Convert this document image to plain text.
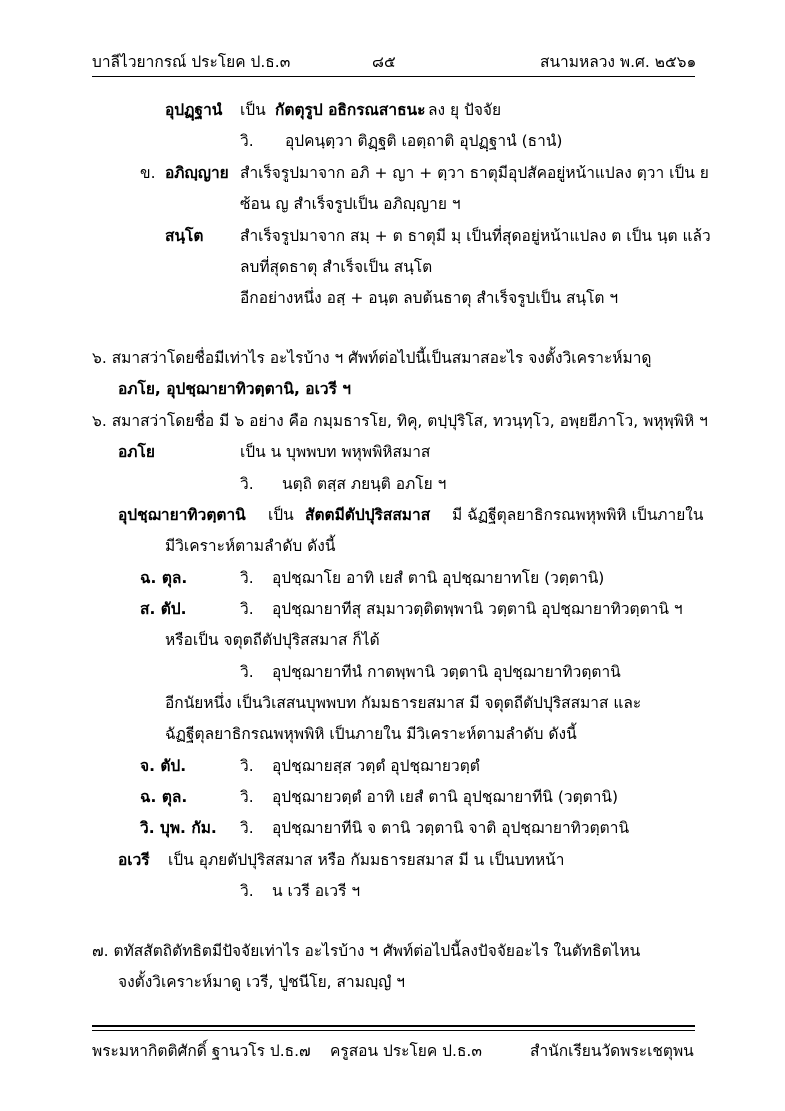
บาลีไวยากรณ์ ประโยค ป.ธ.๓	๘๕	สนามหลวง พ.ศ. ๒๕๖๑
อุปฏฺฐานํ เป็น กัตตุรูป อธิกรณสาธนะ ลง ยุ ปัจจัย
วิ. อุปคนฺตฺวา ติฏฺฐติ เอตฺถาติ อุปฏฺฐานํ (ธานํ)
ข. อภิญฺญาย สำเร็จรูปมาจาก อภิ + ญา + ตฺวา ธาตุมีอุปสัคอยู่หน้าแปลง ตฺวา เป็น ย
ซ้อน ญ สำเร็จรูปเป็น อภิญฺญาย ฯ
สนฺโต สำเร็จรูปมาจาก สมฺ + ต ธาตุมี มฺ เป็นที่สุดอยู่หน้าแปลง ต เป็น นฺต แล้ว
ลบที่สุดธาตุ สำเร็จเป็น สนฺโต
อีกอย่างหนึ่ง อสฺ + อนฺต ลบต้นธาตุ สำเร็จรูปเป็น สนฺโต ฯ
๖. สมาสว่าโดยชื่อมีเท่าไร อะไรบ้าง ฯ ศัพท์ต่อไปนี้เป็นสมาสอะไร จงตั้งวิเคราะห์มาดู
อภโย, อุปชฺฌายาทิวตฺตานิ, อเวรี ฯ
๖. สมาสว่าโดยชื่อ มี ๖ อย่าง คือ กมฺมธารโย, ทิคุ, ตปฺปุริโส, ทวนฺทฺโว, อพฺยยีภาโว, พหุพฺพิหิ ฯ
อภโย	เป็น น บุพพบท พหุพพิหิสมาส
วิ. นตฺถิ ตสฺส ภยนฺติ อภโย ฯ
อุปชฺฌายาทิวตฺตานิ เป็น สัตตมีตัปปุริสสมาส มี ฉัฏฐีตุลยาธิกรณพหุพพิหิ เป็นภายใน
มีวิเคราะห์ตามลำดับ ดังนี้
ฉ. ตุล.	วิ. อุปชฺฌาโย อาทิ เยสํ ตานิ อุปชฺฌายาทโย (วตฺตานิ)
ส. ตัป.	วิ. อุปชฺฌายาทีสุ สมฺมาวตฺติตพฺพานิ วตฺตานิ อุปชฺฌายาทิวตฺตานิ ฯ
หรือเป็น จตุตถีตัปปุริสสมาส ก็ได้
วิ. อุปชฺฌายาทีนํ กาตพฺพานิ วตฺตานิ อุปชฺฌายาทิวตฺตานิ
อีกนัยหนึ่ง เป็นวิเสสนบุพพบท กัมมธารยสมาส มี จตุตถีตัปปุริสสมาส และ
ฉัฏฐีตุลยาธิกรณพหุพพิหิ เป็นภายใน มีวิเคราะห์ตามลำดับ ดังนี้
จ. ตัป.	วิ. อุปชฺฌายสฺส วตฺตํ อุปชฺฌายวตฺตํ
ฉ. ตุล.	วิ. อุปชฺฌายวตฺตํ อาทิ เยสํ ตานิ อุปชฺฌายาทีนิ (วตฺตานิ)
วิ. บุพ. กัม. วิ. อุปชฺฌายาทีนิ จ ตานิ วตฺตานิ จาติ อุปชฺฌายาทิวตฺตานิ
อเวรี เป็น อุภยตัปปุริสสมาส หรือ กัมมธารยสมาส มี น เป็นบทหน้า
วิ. น เวรี อเวรี ฯ
๗. ตทัสสัตถิตัทธิตมีปัจจัยเท่าไร อะไรบ้าง ฯ ศัพท์ต่อไปนี้ลงปัจจัยอะไร ในตัทธิตไหน
จงตั้งวิเคราะห์มาดู เวรี, ปูชนีโย, สามญฺญํ ฯ
พระมหากิตติศักดิ์ ฐานวโร ป.ธ.๗ ครูสอน ประโยค ป.ธ.๓	สำนักเรียนวัดพระเชตุพน
